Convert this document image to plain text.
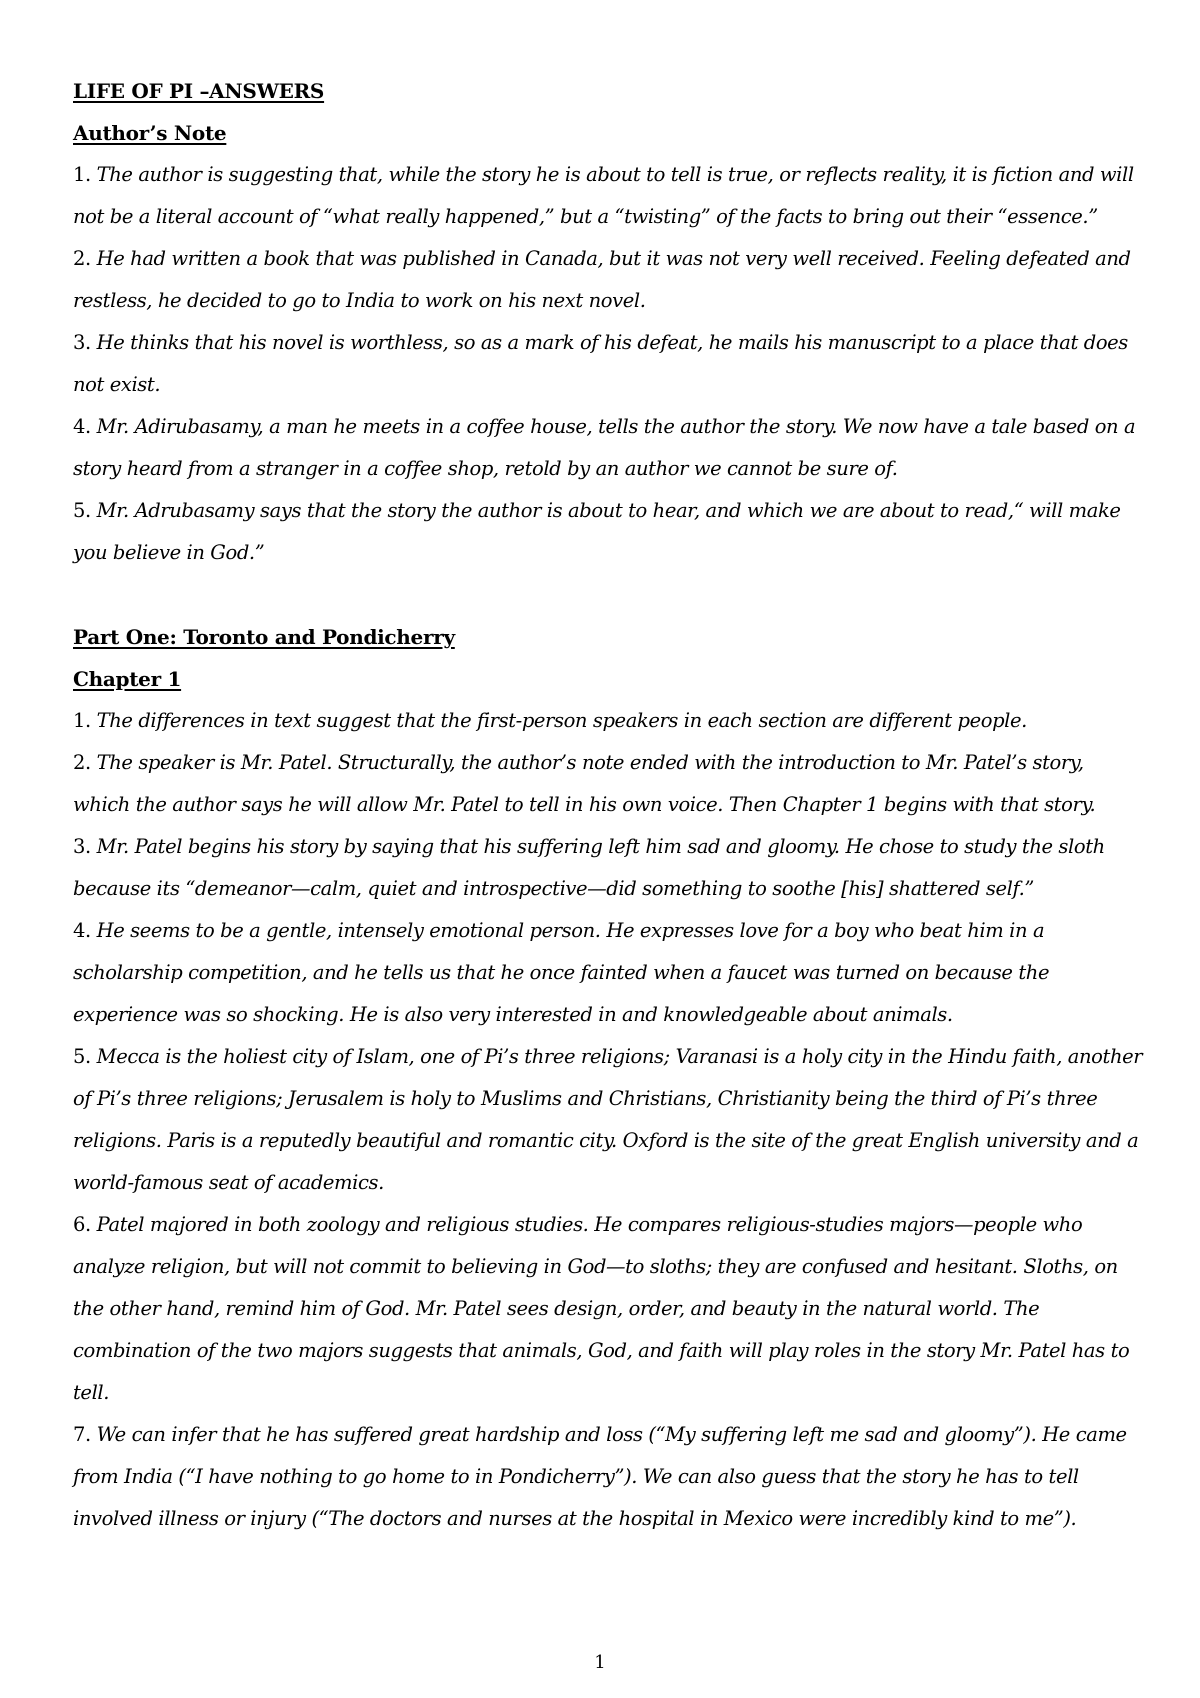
LIFE OF PI –ANSWERS
Author’s Note

1. The author is suggesting that, while the story he is about to tell is true, or reflects reality, it is fiction and will not be a literal account of “what really happened,” but a “twisting” of the facts to bring out their “essence.”

2. He had written a book that was published in Canada, but it was not very well received. Feeling defeated and restless, he decided to go to India to work on his next novel.

3. He thinks that his novel is worthless, so as a mark of his defeat, he mails his manuscript to a place that does not exist.

4. Mr. Adirubasamy, a man he meets in a coffee house, tells the author the story. We now have a tale based on a story heard from a stranger in a coffee shop, retold by an author we cannot be sure of.

5. Mr. Adrubasamy says that the story the author is about to hear, and which we are about to read,“ will make you believe in God.”

Part One: Toronto and Pondicherry
Chapter 1

1. The differences in text suggest that the first-person speakers in each section are different people.

2. The speaker is Mr. Patel. Structurally, the author’s note ended with the introduction to Mr. Patel’s story, which the author says he will allow Mr. Patel to tell in his own voice. Then Chapter 1 begins with that story.

3. Mr. Patel begins his story by saying that his suffering left him sad and gloomy. He chose to study the sloth because its “demeanor—calm, quiet and introspective—did something to soothe [his] shattered self.”

4. He seems to be a gentle, intensely emotional person. He expresses love for a boy who beat him in a scholarship competition, and he tells us that he once fainted when a faucet was turned on because the experience was so shocking. He is also very interested in and knowledgeable about animals.

5. Mecca is the holiest city of Islam, one of Pi’s three religions; Varanasi is a holy city in the Hindu faith, another of Pi’s three religions; Jerusalem is holy to Muslims and Christians, Christianity being the third of Pi’s three religions. Paris is a reputedly beautiful and romantic city. Oxford is the site of the great English university and a world-famous seat of academics.

6. Patel majored in both zoology and religious studies. He compares religious-studies majors—people who analyze religion, but will not commit to believing in God—to sloths; they are confused and hesitant. Sloths, on the other hand, remind him of God. Mr. Patel sees design, order, and beauty in the natural world. The combination of the two majors suggests that animals, God, and faith will play roles in the story Mr. Patel has to tell.

7. We can infer that he has suffered great hardship and loss (“My suffering left me sad and gloomy”). He came from India (“I have nothing to go home to in Pondicherry”). We can also guess that the story he has to tell involved illness or injury (“The doctors and nurses at the hospital in Mexico were incredibly kind to me”).

1
